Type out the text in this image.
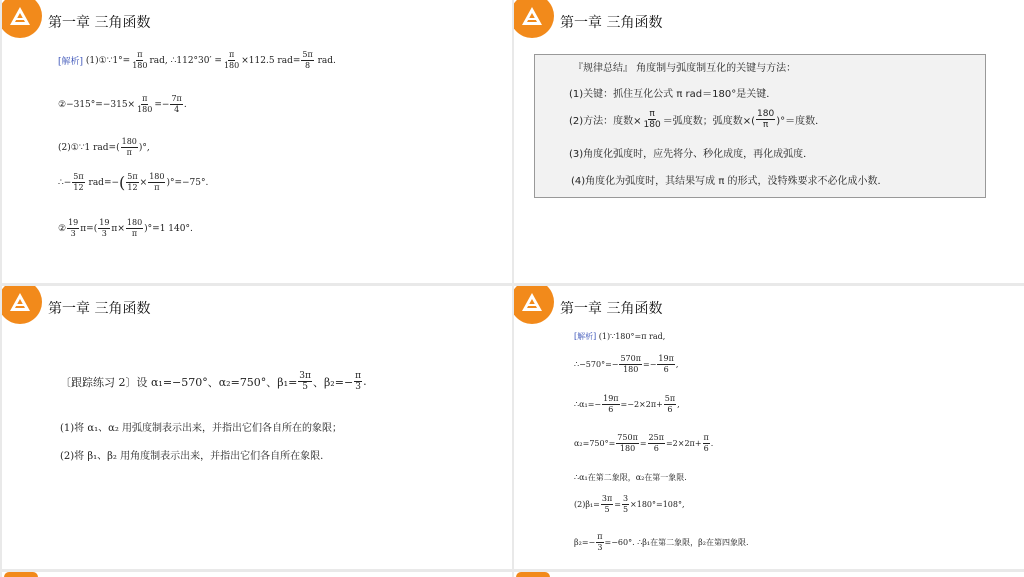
第一章 三角函数
[解析]
(1)①∵1°= $\frac{\pi}{180}$ rad, ∴112°30′ = $\frac{\pi}{180} \times 112.5$ $rad= \frac{5\pi}{8}$
rad.
②−315°=−315× $\frac{\pi}{180} =- \frac{7\pi}{4}$ .
(2)①∵1 $rad=( \frac{180}{\pi}$ )°,
∴− $\frac{5\pi}{12}$
rad=− ( $\frac{5\pi}{12} \times \frac{180}{\pi} )^\circ=-75^\circ$.
② $\frac{19}{3} \pi=( \frac{19}{3} \pi\times \frac{180}{\pi} )^\circ=1$ 140°.
第一章 三角函数
『规律总结』 角度制与弧度制互化的关键与方法：
(1)关键：抓住互化公式 π rad＝180°是关键．
(2)方法：度数× $\frac{\pi}{180}$ ＝弧度数；弧度数×( $\frac{180}{\pi}$ )°＝度数．
(3)角度化弧度时，应先将分、秒化成度，再化成弧度．
(4)角度化为弧度时，其结果写成 π 的形式，没特殊要求不必化成小数．
第一章 三角函数
〔跟踪练习 2〕设 α₁=−570°、α₂=750°、$\beta_1= \frac{3\pi}{5}$ 、$\beta_2=- \frac{\pi}{3}$ .
(1)将 α₁、α₂ 用弧度制表示出来，并指出它们各自所在的象限；
(2)将 β₁、β₂ 用角度制表示出来，并指出它们各自所在象限.
第一章 三角函数
[解析]
(1)∵180°=π rad,
∴−570°=− $\frac{570\pi}{180} =- \frac{19\pi}{6}$ ,
∴α₁=− $\frac{19\pi}{6} =-2\times 2\pi+ \frac{5\pi}{6}$ ,
$\alpha_2=750^\circ= \frac{750\pi}{180} = \frac{25\pi}{6} =2\times 2\pi+ \frac{\pi}{6}$ .
∴α₁在第二象限，α₂在第一象限.
$(2)\beta_1= \frac{3\pi}{5} = \frac{3}{5} \times 180^\circ=108^\circ$,
$\beta_2=- \frac{\pi}{3} =-60^\circ$. ∴β₁在第二象限，β₂在第四象限.
